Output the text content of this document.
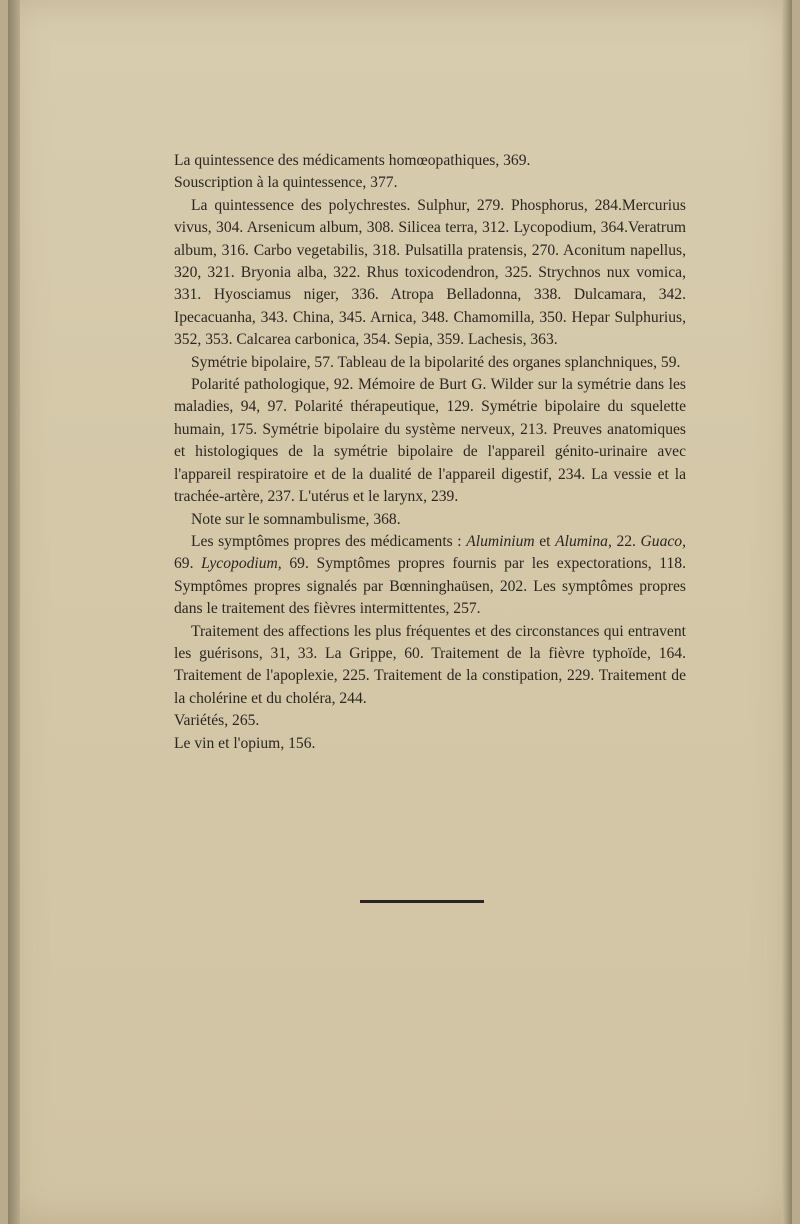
La quintessence des médicaments homœopathiques, 369.

Souscription à la quintessence, 377.

La quintessence des polychrestes. Sulphur, 279. Phosphorus, 284.Mercurius vivus, 304. Arsenicum album, 308. Silicea terra, 312. Lycopodium, 364.Veratrum album, 316. Carbo vegetabilis, 318. Pulsatilla pratensis, 270. Aconitum napellus, 320, 321. Bryonia alba, 322. Rhus toxicodendron, 325. Strychnos nux vomica, 331. Hyosciamus niger, 336. Atropa Belladonna, 338. Dulcamara, 342. Ipecacuanha, 343. China, 345. Arnica, 348. Chamomilla, 350. Hepar Sulphurius, 352, 353. Calcarea carbonica, 354. Sepia, 359. Lachesis, 363.

Symétrie bipolaire, 57. Tableau de la bipolarité des organes splanchniques, 59.

Polarité pathologique, 92. Mémoire de Burt G. Wilder sur la symétrie dans les maladies, 94, 97. Polarité thérapeutique, 129. Symétrie bipolaire du squelette humain, 175. Symétrie bipolaire du système nerveux, 213. Preuves anatomiques et histologiques de la symétrie bipolaire de l'appareil génito-urinaire avec l'appareil respiratoire et de la dualité de l'appareil digestif, 234. La vessie et la trachée-artère, 237. L'utérus et le larynx, 239.

Note sur le somnambulisme, 368.

Les symptômes propres des médicaments : Aluminium et Alumina, 22. Guaco, 69. Lycopodium, 69. Symptômes propres fournis par les expectorations, 118. Symptômes propres signalés par Bœnninghaüsen, 202. Les symptômes propres dans le traitement des fièvres intermittentes, 257.

Traitement des affections les plus fréquentes et des circonstances qui entravent les guérisons, 31, 33. La Grippe, 60. Traitement de la fièvre typhoïde, 164. Traitement de l'apoplexie, 225. Traitement de la constipation, 229. Traitement de la cholérine et du choléra, 244.

Variétés, 265.

Le vin et l'opium, 156.
